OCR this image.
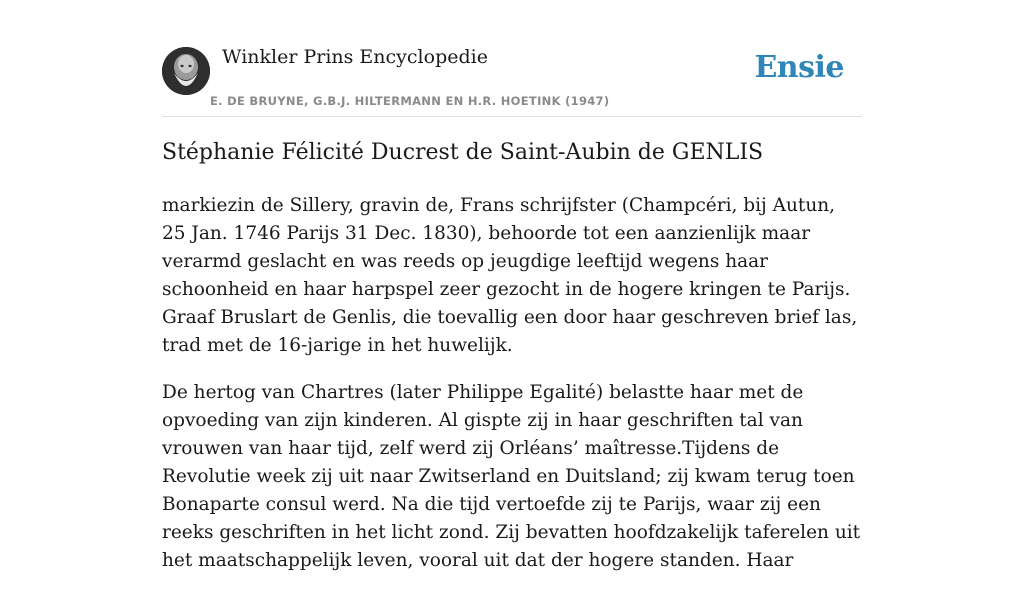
Winkler Prins Encyclopedie
E. DE BRUYNE, G.B.J. HILTERMANN EN H.R. HOETINK (1947)
Ensie
Stéphanie Félicité Ducrest de Saint-Aubin de GENLIS

markiezin de Sillery, gravin de, Frans schrijfster (Champcéri, bij Autun, 25 Jan. 1746 Parijs 31 Dec. 1830), behoorde tot een aanzienlijk maar verarmd geslacht en was reeds op jeugdige leeftijd wegens haar schoonheid en haar harpspel zeer gezocht in de hogere kringen te Parijs. Graaf Bruslart de Genlis, die toevallig een door haar geschreven brief las, trad met de 16-jarige in het huwelijk.

De hertog van Chartres (later Philippe Egalité) belastte haar met de opvoeding van zijn kinderen. Al gispte zij in haar geschriften tal van vrouwen van haar tijd, zelf werd zij Orléans’ maîtresse.Tijdens de Revolutie week zij uit naar Zwitserland en Duitsland; zij kwam terug toen Bonaparte consul werd. Na die tijd vertoefde zij te Parijs, waar zij een reeks geschriften in het licht zond. Zij bevatten hoofdzakelijk taferelen uit het maatschappelijk leven, vooral uit dat der hogere standen. Haar
